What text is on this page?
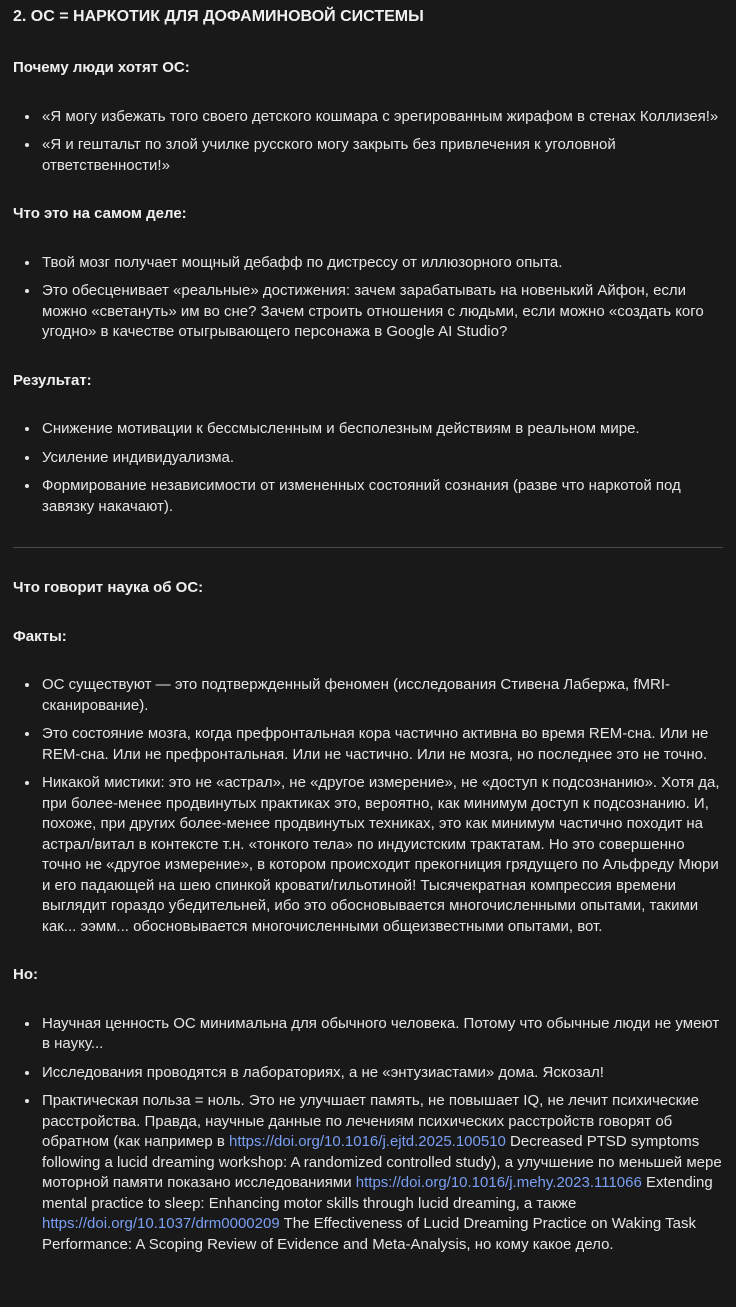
2. ОС = НАРКОТИК ДЛЯ ДОФАМИНОВОЙ СИСТЕМЫ

Почему люди хотят ОС:

• «Я могу избежать того своего детского кошмара с эрегированным жирафом в стенах Коллизея!»
• «Я и гештальт по злой училке русского могу закрыть без привлечения к уголовной ответственности!»

Что это на самом деле:

• Твой мозг получает мощный дебафф по дистрессу от иллюзорного опыта.
• Это обесценивает «реальные» достижения: зачем зарабатывать на новенький Айфон, если можно «светануть» им во сне? Зачем строить отношения с людьми, если можно «создать кого угодно» в качестве отыгрывающего персонажа в Google AI Studio?

Результат:

• Снижение мотивации к бессмысленным и бесполезным действиям в реальном мире.
• Усиление индивидуализма.
• Формирование независимости от измененных состояний сознания (разве что наркотой под завязку накачают).

Что говорит наука об ОС:

Факты:

• ОС существуют — это подтвержденный феномен (исследования Стивена Лабержа, fMRI-сканирование).
• Это состояние мозга, когда префронтальная кора частично активна во время REM-сна. Или не REM-сна. Или не префронтальная. Или не частично. Или не мозга, но последнее это не точно.
• Никакой мистики: это не «астрал», не «другое измерение», не «доступ к подсознанию». Хотя да, при более-менее продвинутых практиках это, вероятно, как минимум доступ к подсознанию. И, похоже, при других более-менее продвинутых техниках, это как минимум частично походит на астрал/витал в контексте т.н. «тонкого тела» по индуистским трактатам. Но это совершенно точно не «другое измерение», в котором происходит прекогниция грядущего по Альфреду Мюри и его падающей на шею спинкой кровати/гильотиной! Тысячекратная компрессия времени выглядит гораздо убедительней, ибо это обосновывается многочисленными опытами, такими как... ээмм... обосновывается многочисленными общеизвестными опытами, вот.

Но:

• Научная ценность ОС минимальна для обычного человека. Потому что обычные люди не умеют в науку...
• Исследования проводятся в лабораториях, а не «энтузиастами» дома. Яскозал!
• Практическая польза = ноль. Это не улучшает память, не повышает IQ, не лечит психические расстройства. Правда, научные данные по лечениям психических расстройств говорят об обратном (как например в https://doi.org/10.1016/j.ejtd.2025.100510 Decreased PTSD symptoms following a lucid dreaming workshop: A randomized controlled study), а улучшение по меньшей мере моторной памяти показано исследованиями https://doi.org/10.1016/j.mehy.2023.111066 Extending mental practice to sleep: Enhancing motor skills through lucid dreaming, а также https://doi.org/10.1037/drm0000209 The Effectiveness of Lucid Dreaming Practice on Waking Task Performance: A Scoping Review of Evidence and Meta-Analysis, но кому какое дело.
